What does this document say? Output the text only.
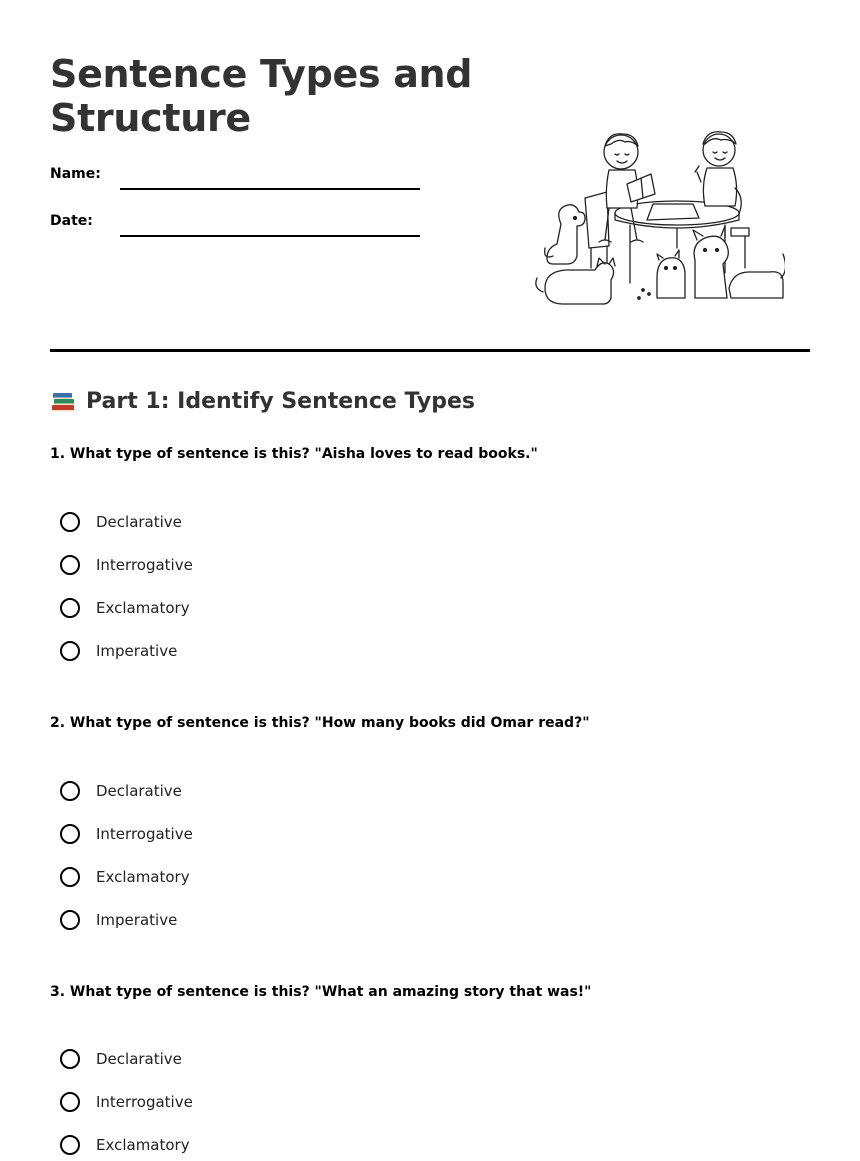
Sentence Types and Structure
Name:
Date:
Part 1: Identify Sentence Types
1. What type of sentence is this? "Aisha loves to read books."
Declarative
Interrogative
Exclamatory
Imperative
2. What type of sentence is this? "How many books did Omar read?"
Declarative
Interrogative
Exclamatory
Imperative
3. What type of sentence is this? "What an amazing story that was!"
Declarative
Interrogative
Exclamatory
